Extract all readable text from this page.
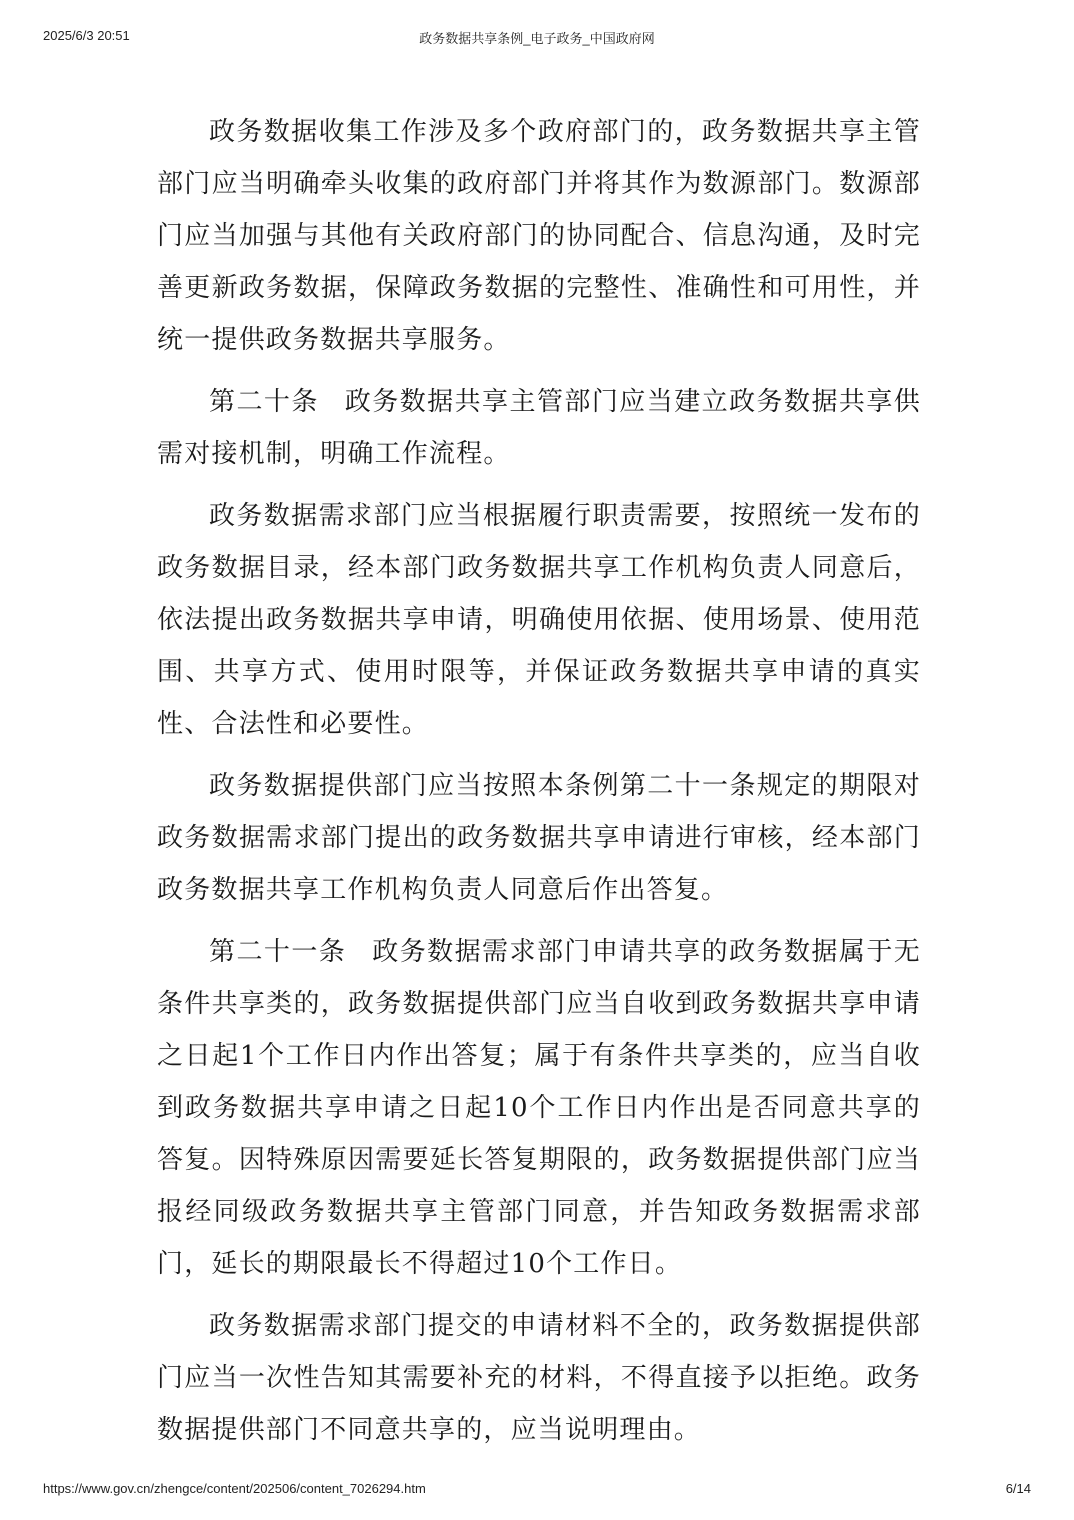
2025/6/3 20:51	政务数据共享条例_电子政务_中国政府网

政务数据收集工作涉及多个政府部门的，政务数据共享主管部门应当明确牵头收集的政府部门并将其作为数源部门。数源部门应当加强与其他有关政府部门的协同配合、信息沟通，及时完善更新政务数据，保障政务数据的完整性、准确性和可用性，并统一提供政务数据共享服务。

第二十条 政务数据共享主管部门应当建立政务数据共享供需对接机制，明确工作流程。

政务数据需求部门应当根据履行职责需要，按照统一发布的政务数据目录，经本部门政务数据共享工作机构负责人同意后，依法提出政务数据共享申请，明确使用依据、使用场景、使用范围、共享方式、使用时限等，并保证政务数据共享申请的真实性、合法性和必要性。

政务数据提供部门应当按照本条例第二十一条规定的期限对政务数据需求部门提出的政务数据共享申请进行审核，经本部门政务数据共享工作机构负责人同意后作出答复。

第二十一条 政务数据需求部门申请共享的政务数据属于无条件共享类的，政务数据提供部门应当自收到政务数据共享申请之日起1个工作日内作出答复；属于有条件共享类的，应当自收到政务数据共享申请之日起10个工作日内作出是否同意共享的答复。因特殊原因需要延长答复期限的，政务数据提供部门应当报经同级政务数据共享主管部门同意，并告知政务数据需求部门，延长的期限最长不得超过10个工作日。

政务数据需求部门提交的申请材料不全的，政务数据提供部门应当一次性告知其需要补充的材料，不得直接予以拒绝。政务数据提供部门不同意共享的，应当说明理由。

https://www.gov.cn/zhengce/content/202506/content_7026294.htm	6/14
